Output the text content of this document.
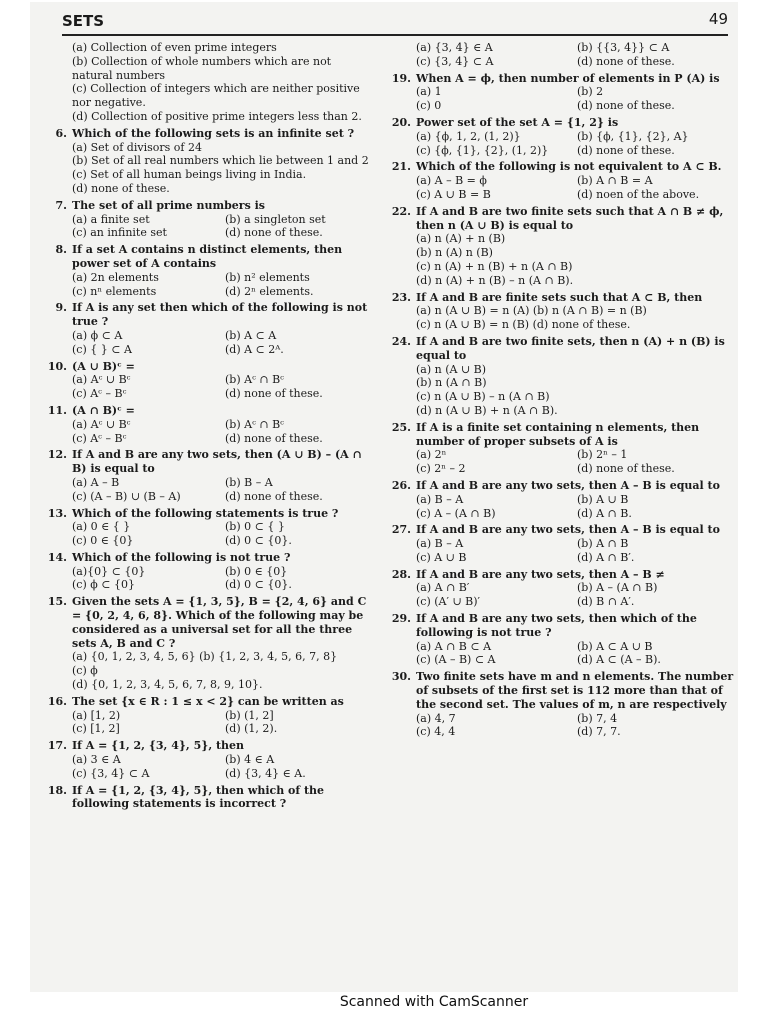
SETS	49
(a) Collection of even prime integers
(b) Collection of whole numbers which are not natural numbers
(c) Collection of integers which are neither positive nor negative.
(d) Collection of positive prime integers less than 2.
6. Which of the following sets is an infinite set ?
(a) Set of divisors of 24
(b) Set of all real numbers which lie between 1 and 2
(c) Set of all human beings living in India.
(d) none of these.
7. The set of all prime numbers is
(a) a finite set	(b) a singleton set
(c) an infinite set	(d) none of these.
8. If a set A contains n distinct elements, then power set of A contains
(a) 2n elements	(b) n² elements
(c) nⁿ elements	(d) 2ⁿ elements.
9. If A is any set then which of the following is not true ?
(a) ϕ ⊂ A	(b) A ⊂ A
(c) { } ⊂ A	(d) A ⊂ 2ᴬ.
10. (A ∪ B)ᶜ =
(a) Aᶜ ∪ Bᶜ	(b) Aᶜ ∩ Bᶜ
(c) Aᶜ – Bᶜ	(d) none of these.
11. (A ∩ B)ᶜ =
(a) Aᶜ ∪ Bᶜ	(b) Aᶜ ∩ Bᶜ
(c) Aᶜ – Bᶜ	(d) none of these.
12. If A and B are any two sets, then (A ∪ B) – (A ∩ B) is equal to
(a) A – B	(b) B – A
(c) (A – B) ∪ (B – A)	(d) none of these.
13. Which of the following statements is true ?
(a) 0 ∈ { }	(b) 0 ⊂ { }
(c) 0 ∈ {0}	(d) 0 ⊂ {0}.
14. Which of the following is not true ?
(a){0} ⊂ {0}	(b) 0 ∈ {0}
(c) ϕ ⊂ {0}	(d) 0 ⊂ {0}.
15. Given the sets A = {1, 3, 5}, B = {2, 4, 6} and C = {0, 2, 4, 6, 8}. Which of the following may be considered as a universal set for all the three sets A, B and C ?
(a) {0, 1, 2, 3, 4, 5, 6} (b) {1, 2, 3, 4, 5, 6, 7, 8}
(c) ϕ
(d) {0, 1, 2, 3, 4, 5, 6, 7, 8, 9, 10}.
16. The set {x ∈ R : 1 ≤ x < 2} can be written as
(a) [1, 2)	(b) (1, 2]
(c) [1, 2]	(d) (1, 2).
17. If A = {1, 2, {3, 4}, 5}, then
(a) 3 ∈ A	(b) 4 ∈ A
(c) {3, 4} ⊂ A	(d) {3, 4} ∈ A.
18. If A = {1, 2, {3, 4}, 5}, then which of the following statements is incorrect ?
(a) {3, 4} ∈ A	(b) {{3, 4}} ⊂ A
(c) {3, 4} ⊂ A	(d) none of these.
19. When A = ϕ, then number of elements in P (A) is
(a) 1	(b) 2
(c) 0	(d) none of these.
20. Power set of the set A = {1, 2} is
(a) {ϕ, 1, 2, (1, 2)}	(b) {ϕ, {1}, {2}, A}
(c) {ϕ, {1}, {2}, (1, 2)}	(d) none of these.
21. Which of the following is not equivalent to A ⊂ B.
(a) A – B = ϕ	(b) A ∩ B = A
(c) A ∪ B = B	(d) noen of the above.
22. If A and B are two finite sets such that A ∩ B ≠ ϕ, then n (A ∪ B) is equal to
(a) n (A) + n (B)
(b) n (A) n (B)
(c) n (A) + n (B) + n (A ∩ B)
(d) n (A) + n (B) – n (A ∩ B).
23. If A and B are finite sets such that A ⊂ B, then
(a) n (A ∪ B) = n (A) (b) n (A ∩ B) = n (B)
(c) n (A ∪ B) = n (B) (d) none of these.
24. If A and B are two finite sets, then n (A) + n (B) is equal to
(a) n (A ∪ B)
(b) n (A ∩ B)
(c) n (A ∪ B) – n (A ∩ B)
(d) n (A ∪ B) + n (A ∩ B).
25. If A is a finite set containing n elements, then number of proper subsets of A is
(a) 2ⁿ	(b) 2ⁿ – 1
(c) 2ⁿ – 2	(d) none of these.
26. If A and B are any two sets, then A – B is equal to
(a) B – A	(b) A ∪ B
(c) A – (A ∩ B)	(d) A ∩ B.
27. If A and B are any two sets, then A – B is equal to
(a) B – A	(b) A ∩ B
(c) A ∪ B	(d) A ∩ B′.
28. If A and B are any two sets, then A – B ≠
(a) A ∩ B′	(b) A – (A ∩ B)
(c) (A′ ∪ B)′	(d) B ∩ A′.
29. If A and B are any two sets, then which of the following is not true ?
(a) A ∩ B ⊂ A	(b) A ⊂ A ∪ B
(c) (A – B) ⊂ A	(d) A ⊂ (A – B).
30. Two finite sets have m and n elements. The number of subsets of the first set is 112 more than that of the second set. The values of m, n are respectively
(a) 4, 7	(b) 7, 4
(c) 4, 4	(d) 7, 7.
Scanned with CamScanner
